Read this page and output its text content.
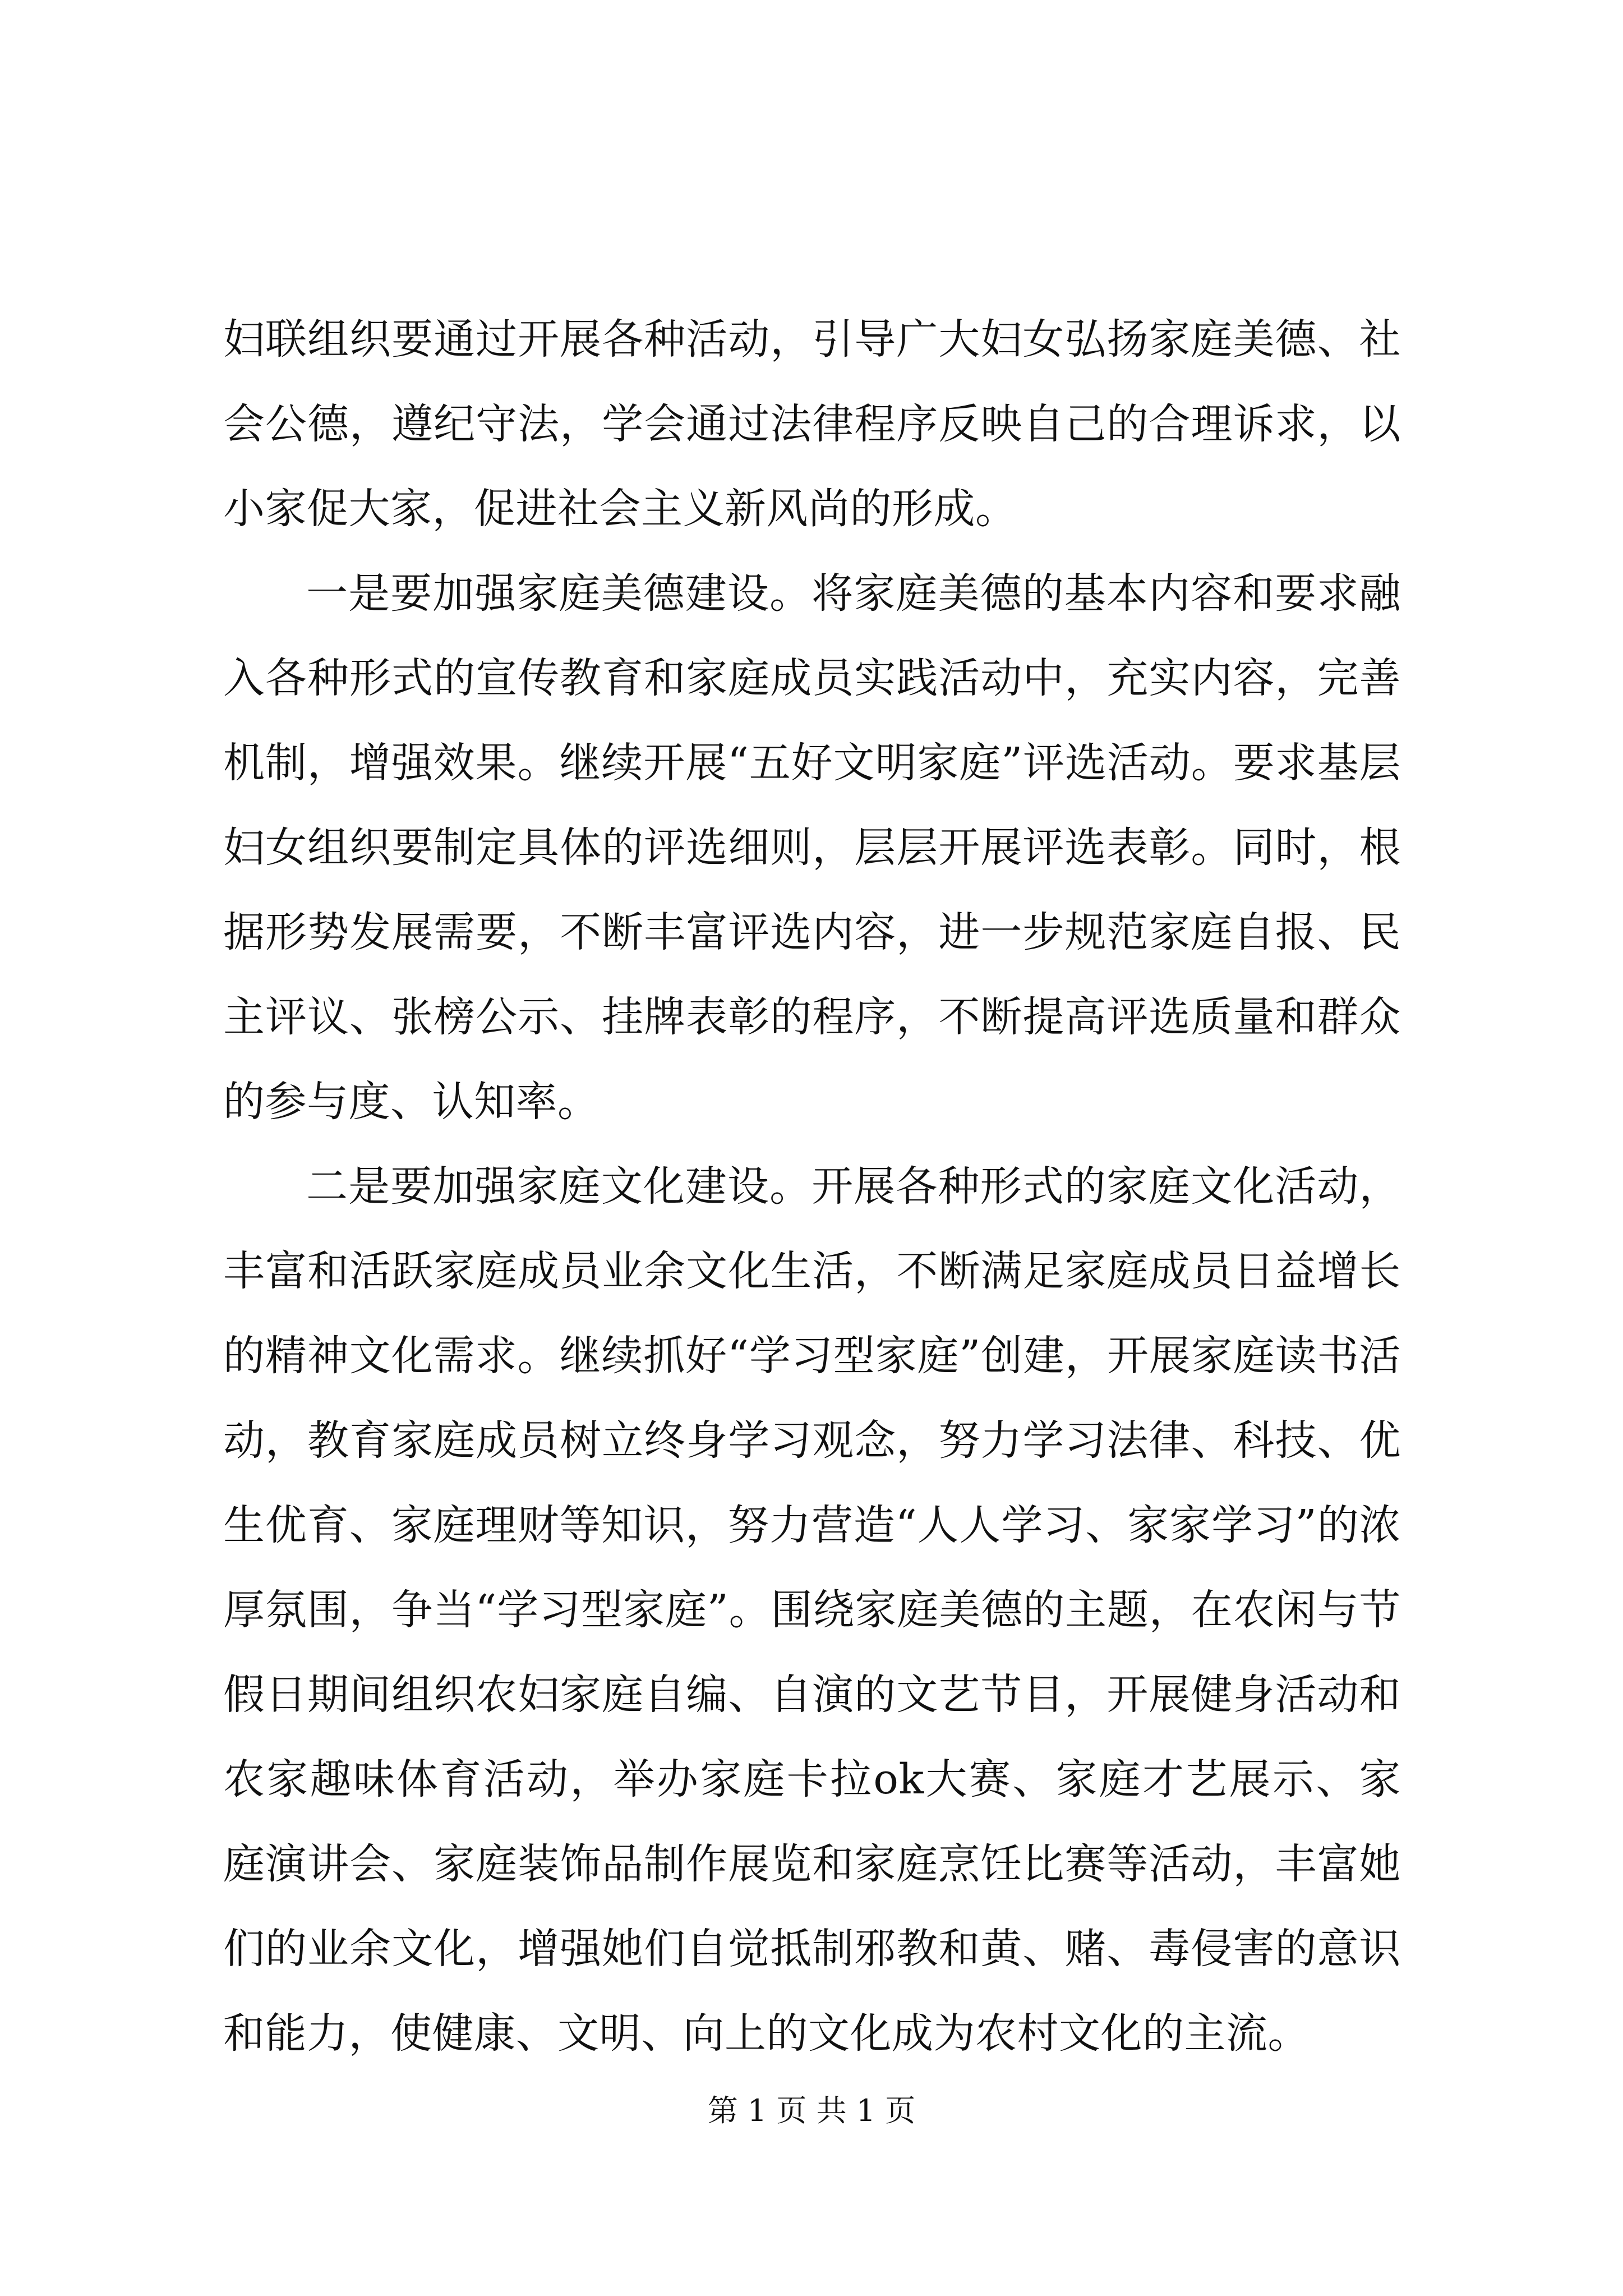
妇联组织要通过开展各种活动，引导广大妇女弘扬家庭美德、社会公德，遵纪守法，学会通过法律程序反映自己的合理诉求，以小家促大家，促进社会主义新风尚的形成。

一是要加强家庭美德建设。将家庭美德的基本内容和要求融入各种形式的宣传教育和家庭成员实践活动中，充实内容，完善机制，增强效果。继续开展“五好文明家庭”评选活动。要求基层妇女组织要制定具体的评选细则，层层开展评选表彰。同时，根据形势发展需要，不断丰富评选内容，进一步规范家庭自报、民主评议、张榜公示、挂牌表彰的程序，不断提高评选质量和群众的参与度、认知率。

二是要加强家庭文化建设。开展各种形式的家庭文化活动，丰富和活跃家庭成员业余文化生活，不断满足家庭成员日益增长的精神文化需求。继续抓好“学习型家庭”创建，开展家庭读书活动，教育家庭成员树立终身学习观念，努力学习法律、科技、优生优育、家庭理财等知识，努力营造“人人学习、家家学习”的浓厚氛围，争当“学习型家庭”。围绕家庭美德的主题，在农闲与节假日期间组织农妇家庭自编、自演的文艺节目，开展健身活动和农家趣味体育活动，举办家庭卡拉ok大赛、家庭才艺展示、家庭演讲会、家庭装饰品制作展览和家庭烹饪比赛等活动，丰富她们的业余文化，增强她们自觉抵制邪教和黄、赌、毒侵害的意识和能力，使健康、文明、向上的文化成为农村文化的主流。

第 1 页 共 1 页
